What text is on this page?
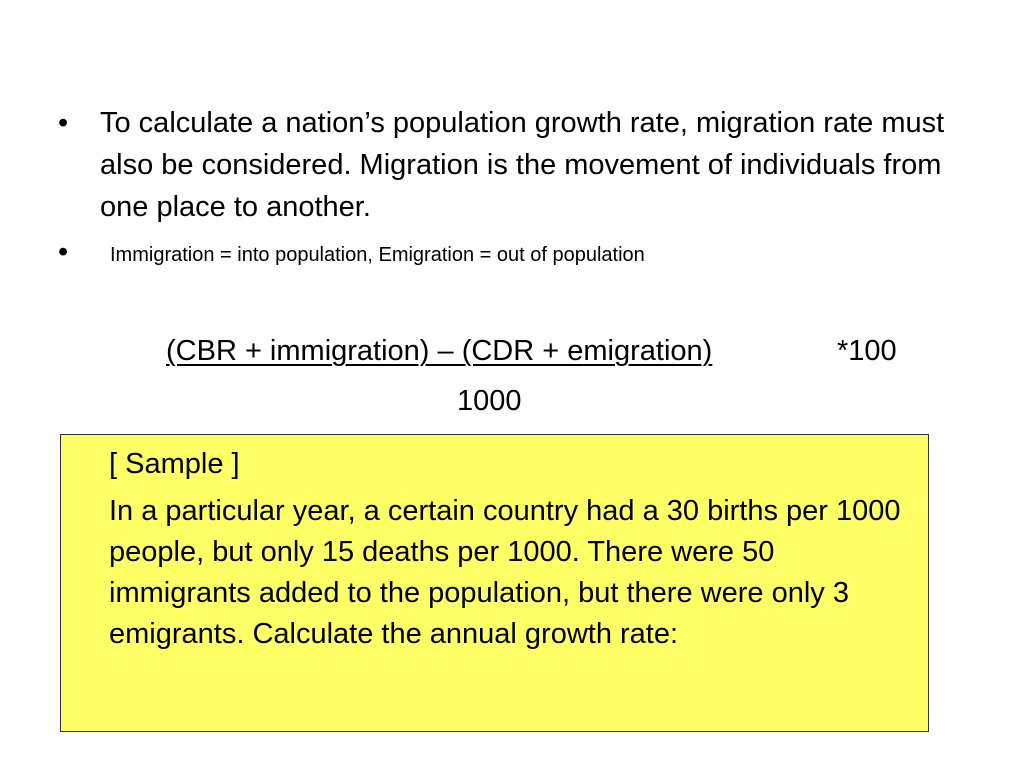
• To calculate a nation’s population growth rate, migration rate must also be considered. Migration is the movement of individuals from one place to another.
• Immigration = into population, Emigration = out of population
(CBR + immigration) – (CDR + emigration)	*100
1000
[ Sample ]
In a particular year, a certain country had a 30 births per 1000 people, but only 15 deaths per 1000. There were 50 immigrants added to the population, but there were only 3 emigrants. Calculate the annual growth rate:
